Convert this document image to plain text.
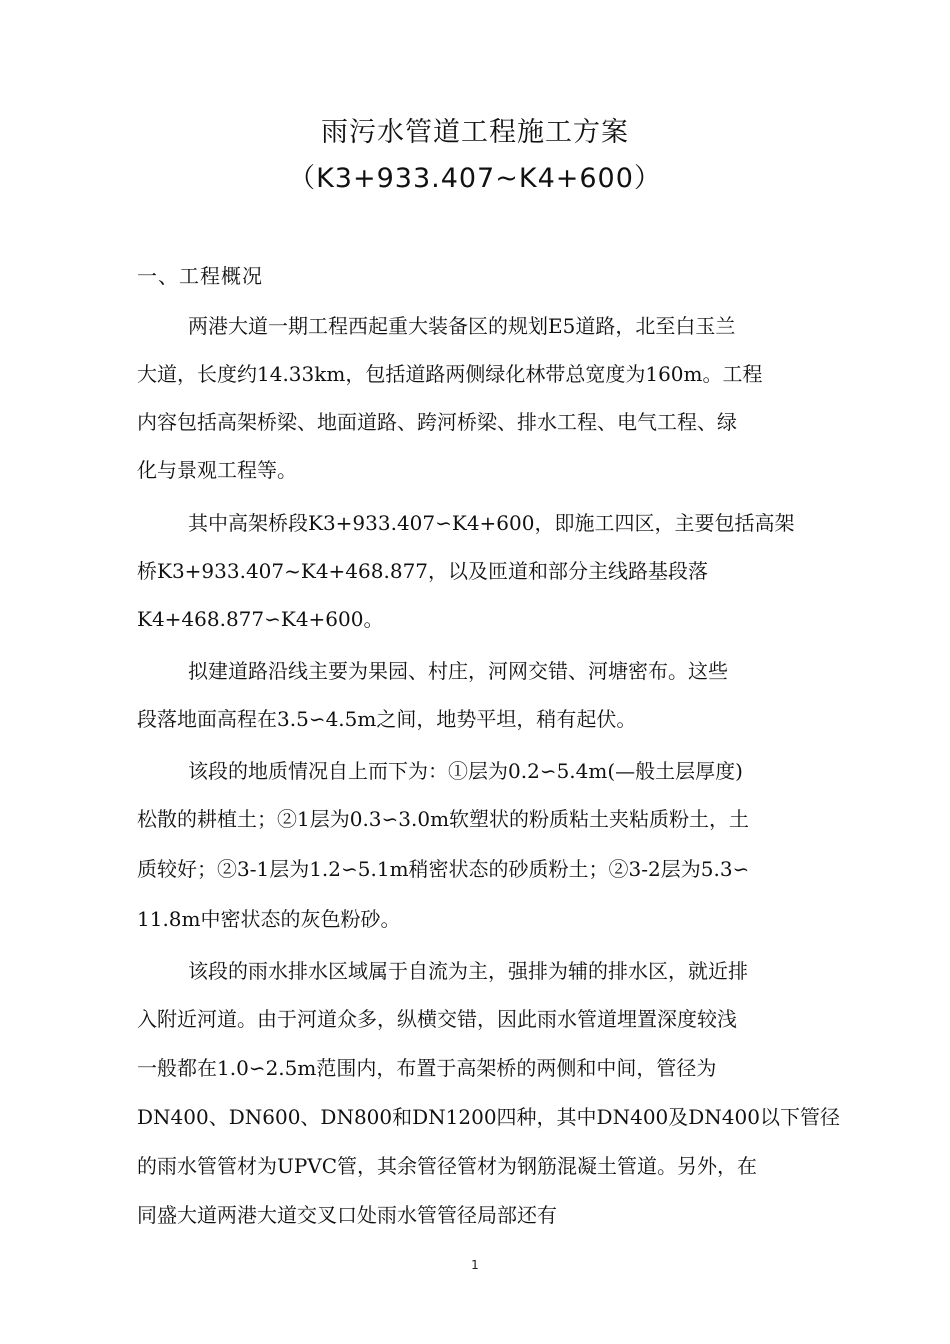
雨污水管道工程施工方案
（K3+933.407~K4+600）
一、工程概况
两港大道一期工程西起重大装备区的规划E5道路，北至白玉兰
大道，长度约14.33km，包括道路两侧绿化林带总宽度为160m。工程
内容包括高架桥梁、地面道路、跨河桥梁、排水工程、电气工程、绿
化与景观工程等。
其中高架桥段K3+933.407∽K4+600，即施工四区，主要包括高架
桥K3+933.407~K4+468.877，以及匝道和部分主线路基段落
K4+468.877∽K4+600。
拟建道路沿线主要为果园、村庄，河网交错、河塘密布。这些
段落地面高程在3.5∽4.5m之间，地势平坦，稍有起伏。
该段的地质情况自上而下为：①层为0.2∽5.4m(—般土层厚度)
松散的耕植土；②1层为0.3∽3.0m软塑状的粉质粘土夹粘质粉土，土
质较好；②3-1层为1.2∽5.1m稍密状态的砂质粉土；②3-2层为5.3∽
11.8m中密状态的灰色粉砂。
该段的雨水排水区域属于自流为主，强排为辅的排水区，就近排
入附近河道。由于河道众多，纵横交错，因此雨水管道埋置深度较浅
一般都在1.0∽2.5m范围内，布置于高架桥的两侧和中间，管径为
DN400、DN600、DN800和DN1200四种，其中DN400及DN400以下管径
的雨水管管材为UPVC管，其余管径管材为钢筋混凝土管道。另外，在
同盛大道两港大道交叉口处雨水管管径局部还有
1
